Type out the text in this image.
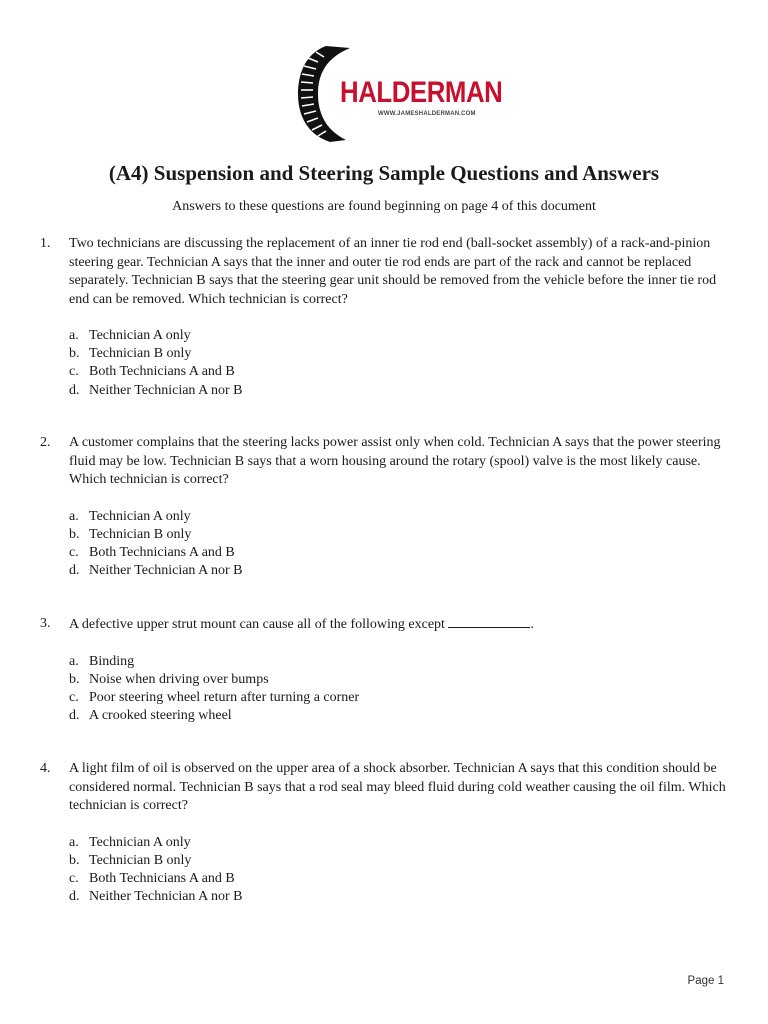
HALDERMAN
WWW.JAMESHALDERMAN.COM
(A4) Suspension and Steering Sample Questions and Answers
Answers to these questions are found beginning on page 4 of this document
1.	Two technicians are discussing the replacement of an inner tie rod end (ball-socket assembly) of a rack-and-pinion steering gear. Technician A says that the inner and outer tie rod ends are part of the rack and cannot be replaced separately. Technician B says that the steering gear unit should be removed from the vehicle before the inner tie rod end can be removed. Which technician is correct?
a. Technician A only
b. Technician B only
c. Both Technicians A and B
d. Neither Technician A nor B
2.	A customer complains that the steering lacks power assist only when cold. Technician A says that the power steering fluid may be low. Technician B says that a worn housing around the rotary (spool) valve is the most likely cause. Which technician is correct?
a. Technician A only
b. Technician B only
c. Both Technicians A and B
d. Neither Technician A nor B
3.	A defective upper strut mount can cause all of the following except	.
a. Binding
b. Noise when driving over bumps
c. Poor steering wheel return after turning a corner
d. A crooked steering wheel
4.	A light film of oil is observed on the upper area of a shock absorber. Technician A says that this condition should be considered normal. Technician B says that a rod seal may bleed fluid during cold weather causing the oil film. Which technician is correct?
a. Technician A only
b. Technician B only
c. Both Technicians A and B
d. Neither Technician A nor B
Page 1
